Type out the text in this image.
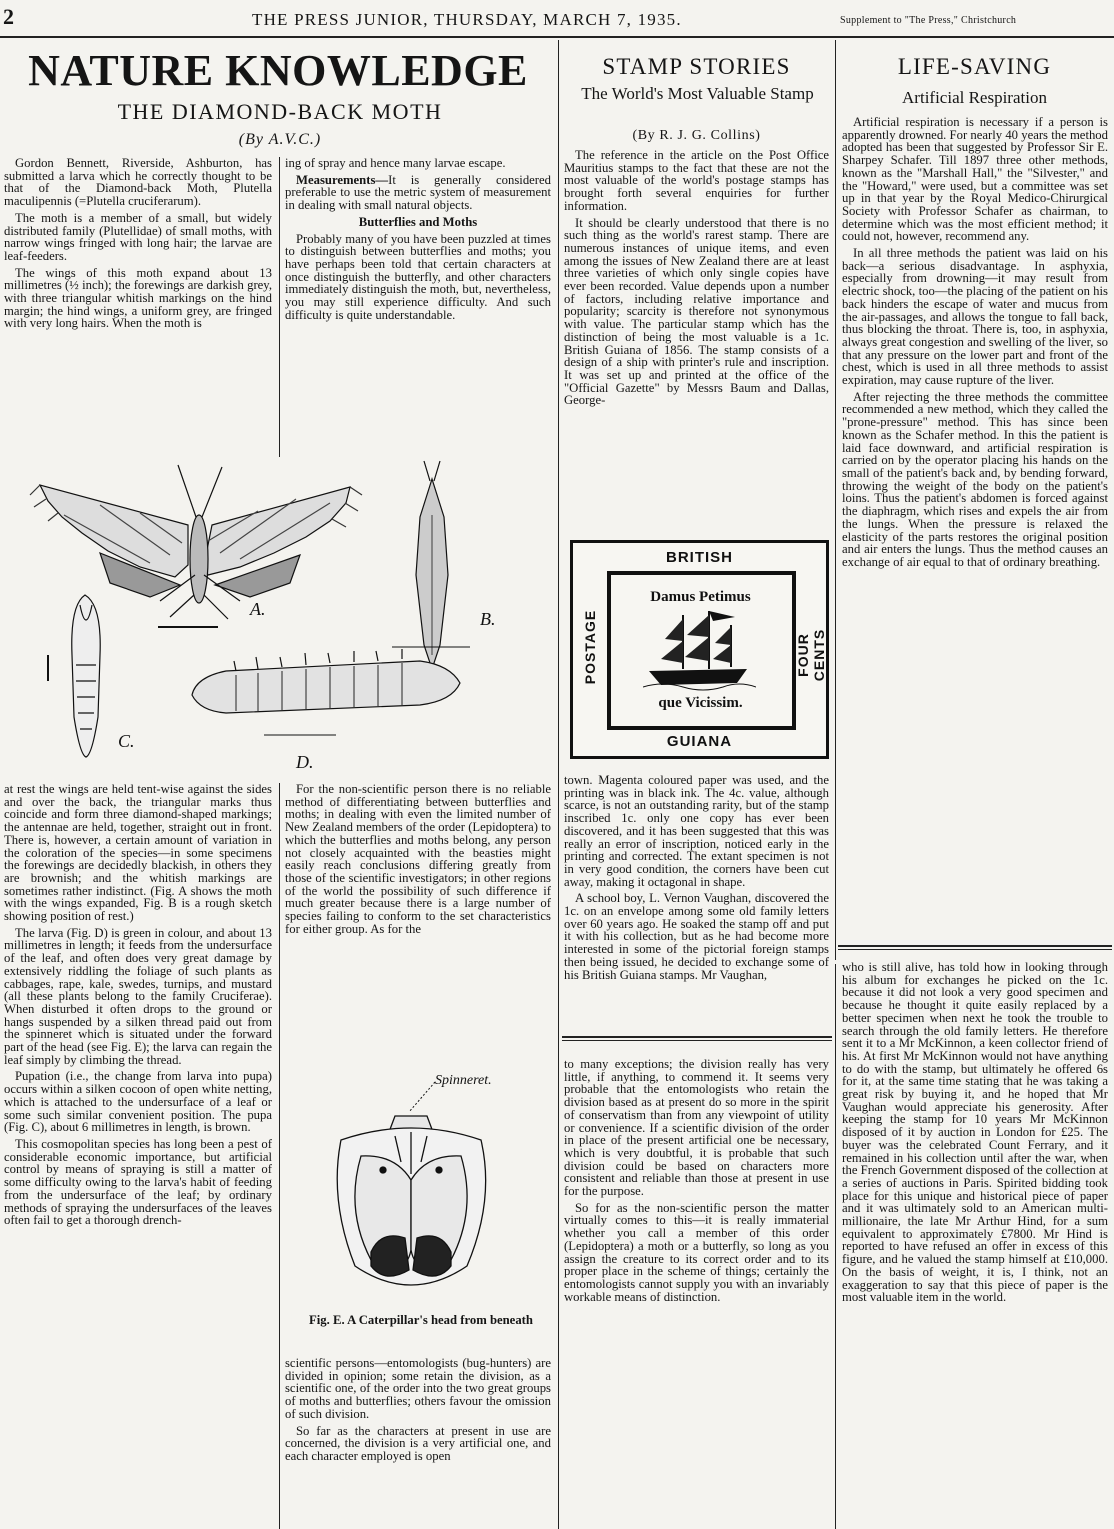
2	THE PRESS JUNIOR, THURSDAY, MARCH 7, 1935.	Supplement to "The Press," Christchurch
NATURE KNOWLEDGE
THE DIAMOND-BACK MOTH
(By A.V.C.)

Gordon Bennett, Riverside, Ashburton, has submitted a larva which he correctly thought to be that of the Diamond-back Moth, Plutella maculipennis (=Plutella cruciferarum).

The moth is a member of a small, but widely distributed family (Plutellidae) of small moths, with narrow wings fringed with long hair; the larvae are leaf-feeders.

The wings of this moth expand about 13 millimetres (½ inch); the forewings are darkish grey, with three triangular whitish markings on the hind margin; the hind wings, a uniform grey, are fringed with very long hairs. When the moth is

ing of spray and hence many larvae escape.

Measurements—It is generally considered preferable to use the metric system of measurement in dealing with small natural objects.

Butterflies and Moths

Probably many of you have been puzzled at times to distinguish between butterflies and moths; you have perhaps been told that certain characters at once distinguish the butterfly, and other characters immediately distinguish the moth, but, nevertheless, you may still experience difficulty. And such difficulty is quite understandable.

A.	B.
C.
D.

at rest the wings are held tent-wise against the sides and over the back, the triangular marks thus coincide and form three diamond-shaped markings; the antennae are held, together, straight out in front. There is, however, a certain amount of variation in the coloration of the species—in some specimens the forewings are decidedly blackish, in others they are brownish; and the whitish markings are sometimes rather indistinct. (Fig. A shows the moth with the wings expanded, Fig. B is a rough sketch showing position of rest.)

The larva (Fig. D) is green in colour, and about 13 millimetres in length; it feeds from the undersurface of the leaf, and often does very great damage by extensively riddling the foliage of such plants as cabbages, rape, kale, swedes, turnips, and mustard (all these plants belong to the family Cruciferae). When disturbed it often drops to the ground or hangs suspended by a silken thread paid out from the spinneret which is situated under the forward part of the head (see Fig. E); the larva can regain the leaf simply by climbing the thread.

Pupation (i.e., the change from larva into pupa) occurs within a silken cocoon of open white netting, which is attached to the undersurface of a leaf or some such similar convenient position. The pupa (Fig. C), about 6 millimetres in length, is brown.

This cosmopolitan species has long been a pest of considerable economic importance, but artificial control by means of spraying is still a matter of some difficulty owing to the larva's habit of feeding from the undersurface of the leaf; by ordinary methods of spraying the undersurfaces of the leaves often fail to get a thorough drench-

For the non-scientific person there is no reliable method of differentiating between butterflies and moths; in dealing with even the limited number of New Zealand members of the order (Lepidoptera) to which the butterflies and moths belong, any person not closely acquainted with the beasties might easily reach conclusions differing greatly from those of the scientific investigators; in other regions of the world the possibility of such difference if much greater because there is a large number of species failing to conform to the set characteristics for either group. As for the

Spinneret.
Fig. E. A Caterpillar's head from beneath

scientific persons—entomologists (bug-hunters) are divided in opinion; some retain the division, as a scientific one, of the order into the two great groups of moths and butterflies; others favour the omission of such division.

So far as the characters at present in use are concerned, the division is a very artificial one, and each character employed is open

STAMP STORIES
The World's Most Valuable Stamp
(By R. J. G. Collins)

The reference in the article on the Post Office Mauritius stamps to the fact that these are not the most valuable of the world's postage stamps has brought forth several enquiries for further information.

It should be clearly understood that there is no such thing as the world's rarest stamp. There are numerous instances of unique items, and even among the issues of New Zealand there are at least three varieties of which only single copies have ever been recorded. Value depends upon a number of factors, including relative importance and popularity; scarcity is therefore not synonymous with value. The particular stamp which has the distinction of being the most valuable is a 1c. British Guiana of 1856. The stamp consists of a design of a ship with printer's rule and inscription. It was set up and printed at the office of the "Official Gazette" by Messrs Baum and Dallas, George-

BRITISH
GUIANA
POSTAGE	FOUR CENTS
Damus Petimus
que Vicissim.

town. Magenta coloured paper was used, and the printing was in black ink. The 4c. value, although scarce, is not an outstanding rarity, but of the stamp inscribed 1c. only one copy has ever been discovered, and it has been suggested that this was really an error of inscription, noticed early in the printing and corrected. The extant specimen is not in very good condition, the corners have been cut away, making it octagonal in shape.

A school boy, L. Vernon Vaughan, discovered the 1c. on an envelope among some old family letters over 60 years ago. He soaked the stamp off and put it with his collection, but as he had become more interested in some of the pictorial foreign stamps then being issued, he decided to exchange some of his British Guiana stamps. Mr Vaughan,

to many exceptions; the division really has very little, if anything, to commend it. It seems very probable that the entomologists who retain the division based as at present do so more in the spirit of conservatism than from any viewpoint of utility or convenience. If a scientific division of the order in place of the present artificial one be necessary, which is very doubtful, it is probable that such division could be based on characters more consistent and reliable than those at present in use for the purpose.

So for as the non-scientific person the matter virtually comes to this—it is really immaterial whether you call a member of this order (Lepidoptera) a moth or a butterfly, so long as you assign the creature to its correct order and to its proper place in the scheme of things; certainly the entomologists cannot supply you with an invariably workable means of distinction.

LIFE-SAVING
Artificial Respiration

Artificial respiration is necessary if a person is apparently drowned. For nearly 40 years the method adopted has been that suggested by Professor Sir E. Sharpey Schafer. Till 1897 three other methods, known as the "Marshall Hall," the "Silvester," and the "Howard," were used, but a committee was set up in that year by the Royal Medico-Chirurgical Society with Professor Schafer as chairman, to determine which was the most efficient method; it could not, however, recommend any.

In all three methods the patient was laid on his back—a serious disadvantage. In asphyxia, especially from drowning—it may result from electric shock, too—the placing of the patient on his back hinders the escape of water and mucus from the air-passages, and allows the tongue to fall back, thus blocking the throat. There is, too, in asphyxia, always great congestion and swelling of the liver, so that any pressure on the lower part and front of the chest, which is used in all three methods to assist expiration, may cause rupture of the liver.

After rejecting the three methods the committee recommended a new method, which they called the "prone-pressure" method. This has since been known as the Schafer method. In this the patient is laid face downward, and artificial respiration is carried on by the operator placing his hands on the small of the patient's back and, by bending forward, throwing the weight of the body on the patient's loins. Thus the patient's abdomen is forced against the diaphragm, which rises and expels the air from the lungs. When the pressure is relaxed the elasticity of the parts restores the original position and air enters the lungs. Thus the method causes an exchange of air equal to that of ordinary breathing.

who is still alive, has told how in looking through his album for exchanges he picked on the 1c. because it did not look a very good specimen and because he thought it quite easily replaced by a better specimen when next he took the trouble to search through the old family letters. He therefore sent it to a Mr McKinnon, a keen collector friend of his. At first Mr McKinnon would not have anything to do with the stamp, but ultimately he offered 6s for it, at the same time stating that he was taking a great risk by buying it, and he hoped that Mr Vaughan would appreciate his generosity. After keeping the stamp for 10 years Mr McKinnon disposed of it by auction in London for £25. The buyer was the celebrated Count Ferrary, and it remained in his collection until after the war, when the French Government disposed of the collection at a series of auctions in Paris. Spirited bidding took place for this unique and historical piece of paper and it was ultimately sold to an American multi-millionaire, the late Mr Arthur Hind, for a sum equivalent to approximately £7800. Mr Hind is reported to have refused an offer in excess of this figure, and he valued the stamp himself at £10,000. On the basis of weight, it is, I think, not an exaggeration to say that this piece of paper is the most valuable item in the world.
